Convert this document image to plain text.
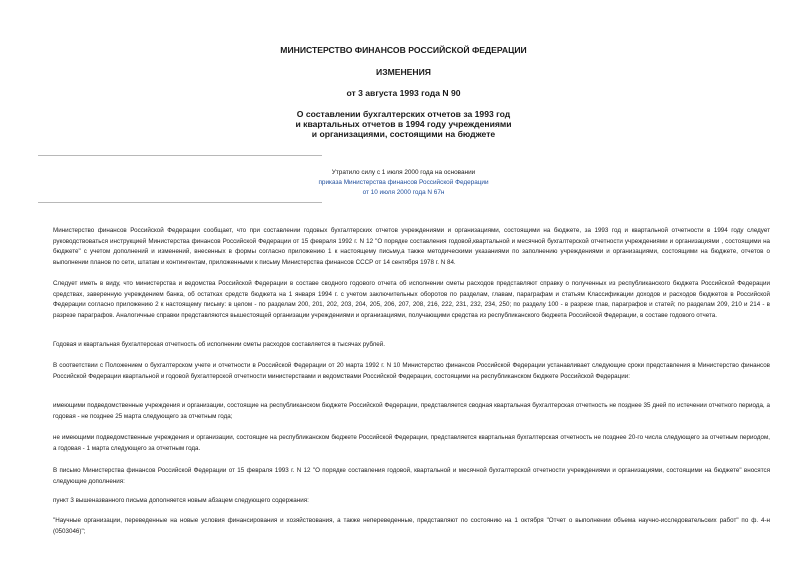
МИНИСТЕРСТВО ФИНАНСОВ РОССИЙСКОЙ ФЕДЕРАЦИИ
ИЗМЕНЕНИЯ
от 3 августа 1993 года N 90
О составлении бухгалтерских отчетов за 1993 год
и квартальных отчетов в 1994 году учреждениями
и организациями, состоящими на бюджете
Утратило силу с 1 июля 2000 года на основании
приказа Министерства финансов Российской Федерации
от 10 июля 2000 года N 67н

Министерство финансов Российской Федерации сообщает, что при составлении годовых бухгалтерских отчетов учреждениями и организациями, состоящими на бюджете, за 1993 год и квартальной отчетности в 1994 году следует руководствоваться инструкцией Министерства финансов Российской Федерации от 15 февраля 1992 г. N 12 "О порядке составления годовой,квартальной и месячной бухгалтерской отчетности учреждениями и организациями , состоящими на бюджете" с учетом дополнений и изменений, внесенных в формы согласно приложению 1 к настоящему письму,а также методическими указаниями по заполнению учреждениями и организациями, состоящими на бюджете, отчетов о выполнении планов по сети, штатам и контингентам, приложенными к письму Министерства финансов СССР от 14 сентября 1978 г. N 84.

Следует иметь в виду, что министерства и ведомства Российской Федерации в составе сводного годового отчета об исполнении сметы расходов представляют справку о полученных из республиканского бюджета Российской Федерации средствах, заверенную учреждением банка, об остатках средств бюджета на 1 января 1994 г. с учетом заключительных оборотов по разделам, главам, параграфам и статьям Классификации доходов и расходов бюджетов в Российской Федерации согласно приложению 2 к настоящему письму: в целом - по разделам 200, 201, 202, 203, 204, 205, 206, 207, 208, 216, 222, 231, 232, 234, 250; по разделу 100 - в разрезе глав, параграфов и статей; по разделам 209, 210 и 214 - в разрезе параграфов. Аналогичные справки представляются вышестоящей организации учреждениями и организациями, получающими средства из республиканского бюджета Российской Федерации, в составе годового отчета.

Годовая и квартальная бухгалтерская отчетность об исполнении сметы расходов составляется в тысячах рублей.

В соответствии с Положением о бухгалтерском учете и отчетности в Российской Федерации от 20 марта 1992 г. N 10 Министерство финансов Российской Федерации устанавливает следующие сроки представления в Министерство финансов Российской Федерации квартальной и годовой бухгалтерской отчетности министерствами и ведомствами Российской Федерации, состоящими на республиканском бюджете Российской Федерации:

имеющими подведомственные учреждения и организации, состоящие на республиканском бюджете Российской Федерации, представляется сводная квартальная бухгалтерская отчетность не позднее 35 дней по истечении отчетного периода, а годовая - не позднее 25 марта следующего за отчетным года;

не имеющими подведомственные учреждения и организации, состоящие на республиканском бюджете Российской Федерации, представляется квартальная бухгалтерская отчетность не позднее 20-го числа следующего за отчетным периодом, а годовая - 1 марта следующего за отчетным года.

В письмо Министерства финансов Российской Федерации от 15 февраля 1993 г. N 12 "О порядке составления годовой, квартальной и месячной бухгалтерской отчетности учреждениями и организациями, состоящими на бюджете" вносятся следующие дополнения:

пункт 3 вышеназванного письма дополняется новым абзацем следующего содержания:

"Научные организации, переведенные на новые условия финансирования и хозяйствования, а также непереведенные, представляют по состоянию на 1 октября "Отчет о выполнении объема научно-исследовательских работ" по ф. 4-н (0503046)";
